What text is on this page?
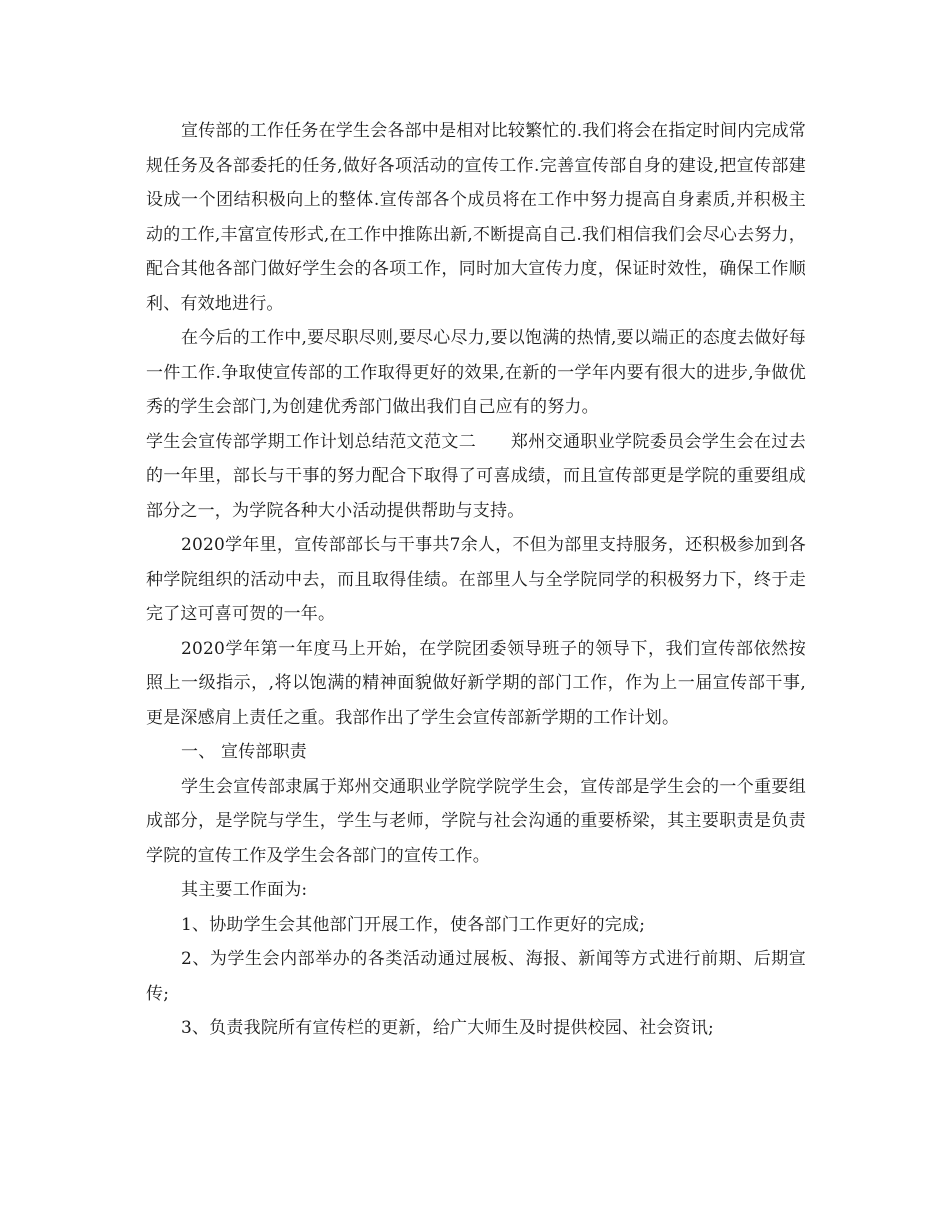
宣传部的工作任务在学生会各部中是相对比较繁忙的.我们将会在指定时间内完成常规任务及各部委托的任务,做好各项活动的宣传工作.完善宣传部自身的建设,把宣传部建设成一个团结积极向上的整体.宣传部各个成员将在工作中努力提高自身素质,并积极主动的工作,丰富宣传形式,在工作中推陈出新,不断提高自己.我们相信我们会尽心去努力，配合其他各部门做好学生会的各项工作，同时加大宣传力度，保证时效性，确保工作顺利、有效地进行。

在今后的工作中,要尽职尽则,要尽心尽力,要以饱满的热情,要以端正的态度去做好每一件工作.争取使宣传部的工作取得更好的效果,在新的一学年内要有很大的进步,争做优秀的学生会部门,为创建优秀部门做出我们自己应有的努力。

学生会宣传部学期工作计划总结范文范文二　　郑州交通职业学院委员会学生会在过去的一年里，部长与干事的努力配合下取得了可喜成绩，而且宣传部更是学院的重要组成部分之一，为学院各种大小活动提供帮助与支持。

2020学年里，宣传部部长与干事共7余人，不但为部里支持服务，还积极参加到各种学院组织的活动中去，而且取得佳绩。在部里人与全学院同学的积极努力下，终于走完了这可喜可贺的一年。

2020学年第一年度马上开始，在学院团委领导班子的领导下，我们宣传部依然按照上一级指示，,将以饱满的精神面貌做好新学期的部门工作，作为上一届宣传部干事,更是深感肩上责任之重。我部作出了学生会宣传部新学期的工作计划。

一、 宣传部职责

学生会宣传部隶属于郑州交通职业学院学院学生会，宣传部是学生会的一个重要组成部分，是学院与学生，学生与老师，学院与社会沟通的重要桥梁，其主要职责是负责学院的宣传工作及学生会各部门的宣传工作。

其主要工作面为:

1、协助学生会其他部门开展工作，使各部门工作更好的完成;

2、为学生会内部举办的各类活动通过展板、海报、新闻等方式进行前期、后期宣传;

3、负责我院所有宣传栏的更新，给广大师生及时提供校园、社会资讯;
